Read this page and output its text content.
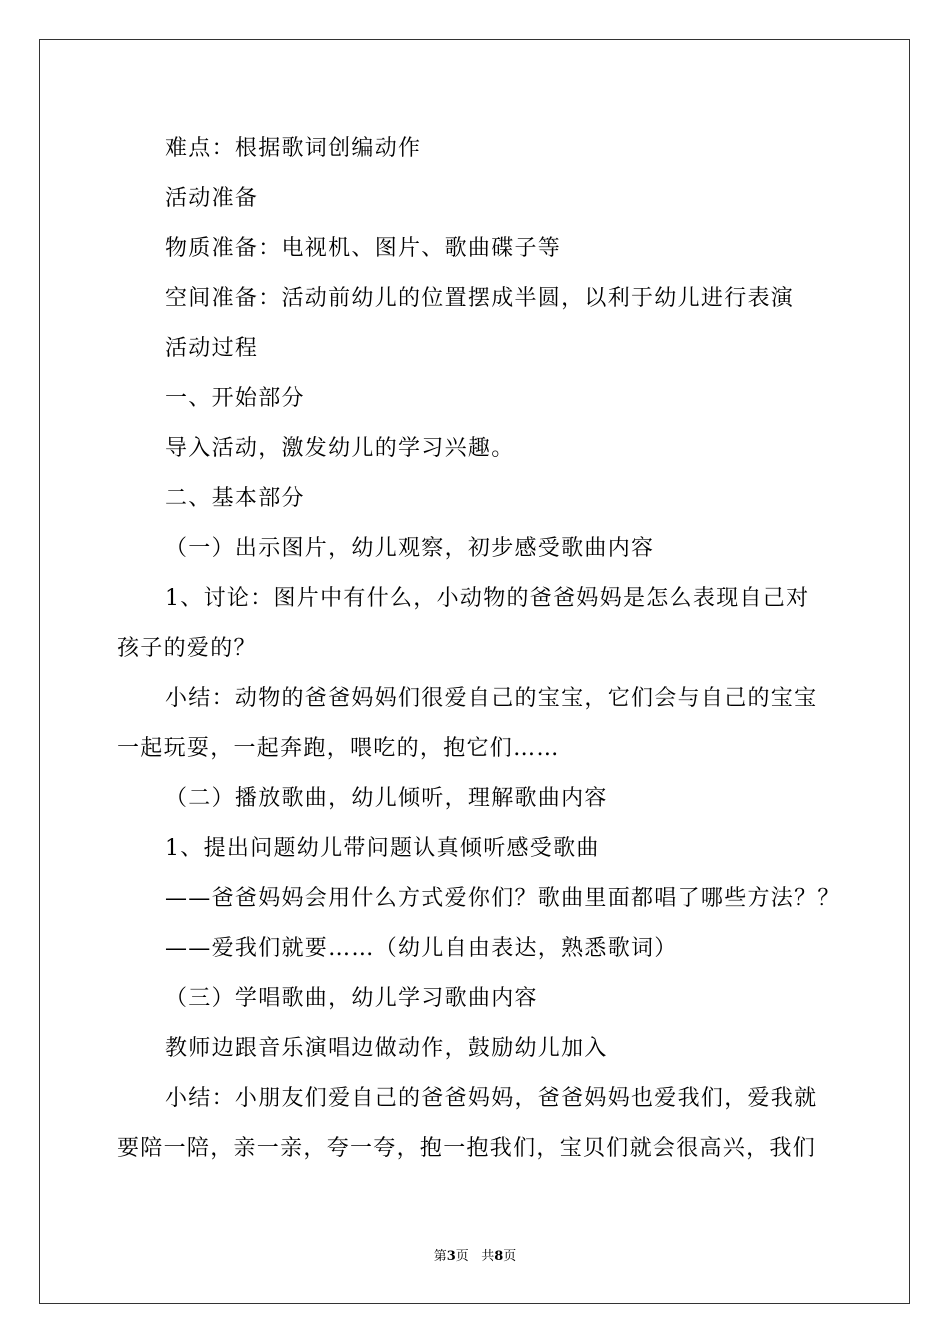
难点：根据歌词创编动作
活动准备
物质准备：电视机、图片、歌曲碟子等
空间准备：活动前幼儿的位置摆成半圆，以利于幼儿进行表演
活动过程
一、开始部分
导入活动，激发幼儿的学习兴趣。
二、基本部分
（一）出示图片，幼儿观察，初步感受歌曲内容
1、讨论：图片中有什么，小动物的爸爸妈妈是怎么表现自己对
孩子的爱的？
小结：动物的爸爸妈妈们很爱自己的宝宝，它们会与自己的宝宝
一起玩耍，一起奔跑，喂吃的，抱它们……
（二）播放歌曲，幼儿倾听，理解歌曲内容
1、提出问题幼儿带问题认真倾听感受歌曲
——爸爸妈妈会用什么方式爱你们？歌曲里面都唱了哪些方法？？
——爱我们就要……（幼儿自由表达，熟悉歌词）
（三）学唱歌曲，幼儿学习歌曲内容
教师边跟音乐演唱边做动作，鼓励幼儿加入
小结：小朋友们爱自己的爸爸妈妈，爸爸妈妈也爱我们，爱我就
要陪一陪，亲一亲，夸一夸，抱一抱我们，宝贝们就会很高兴，我们
第3页 共8页
